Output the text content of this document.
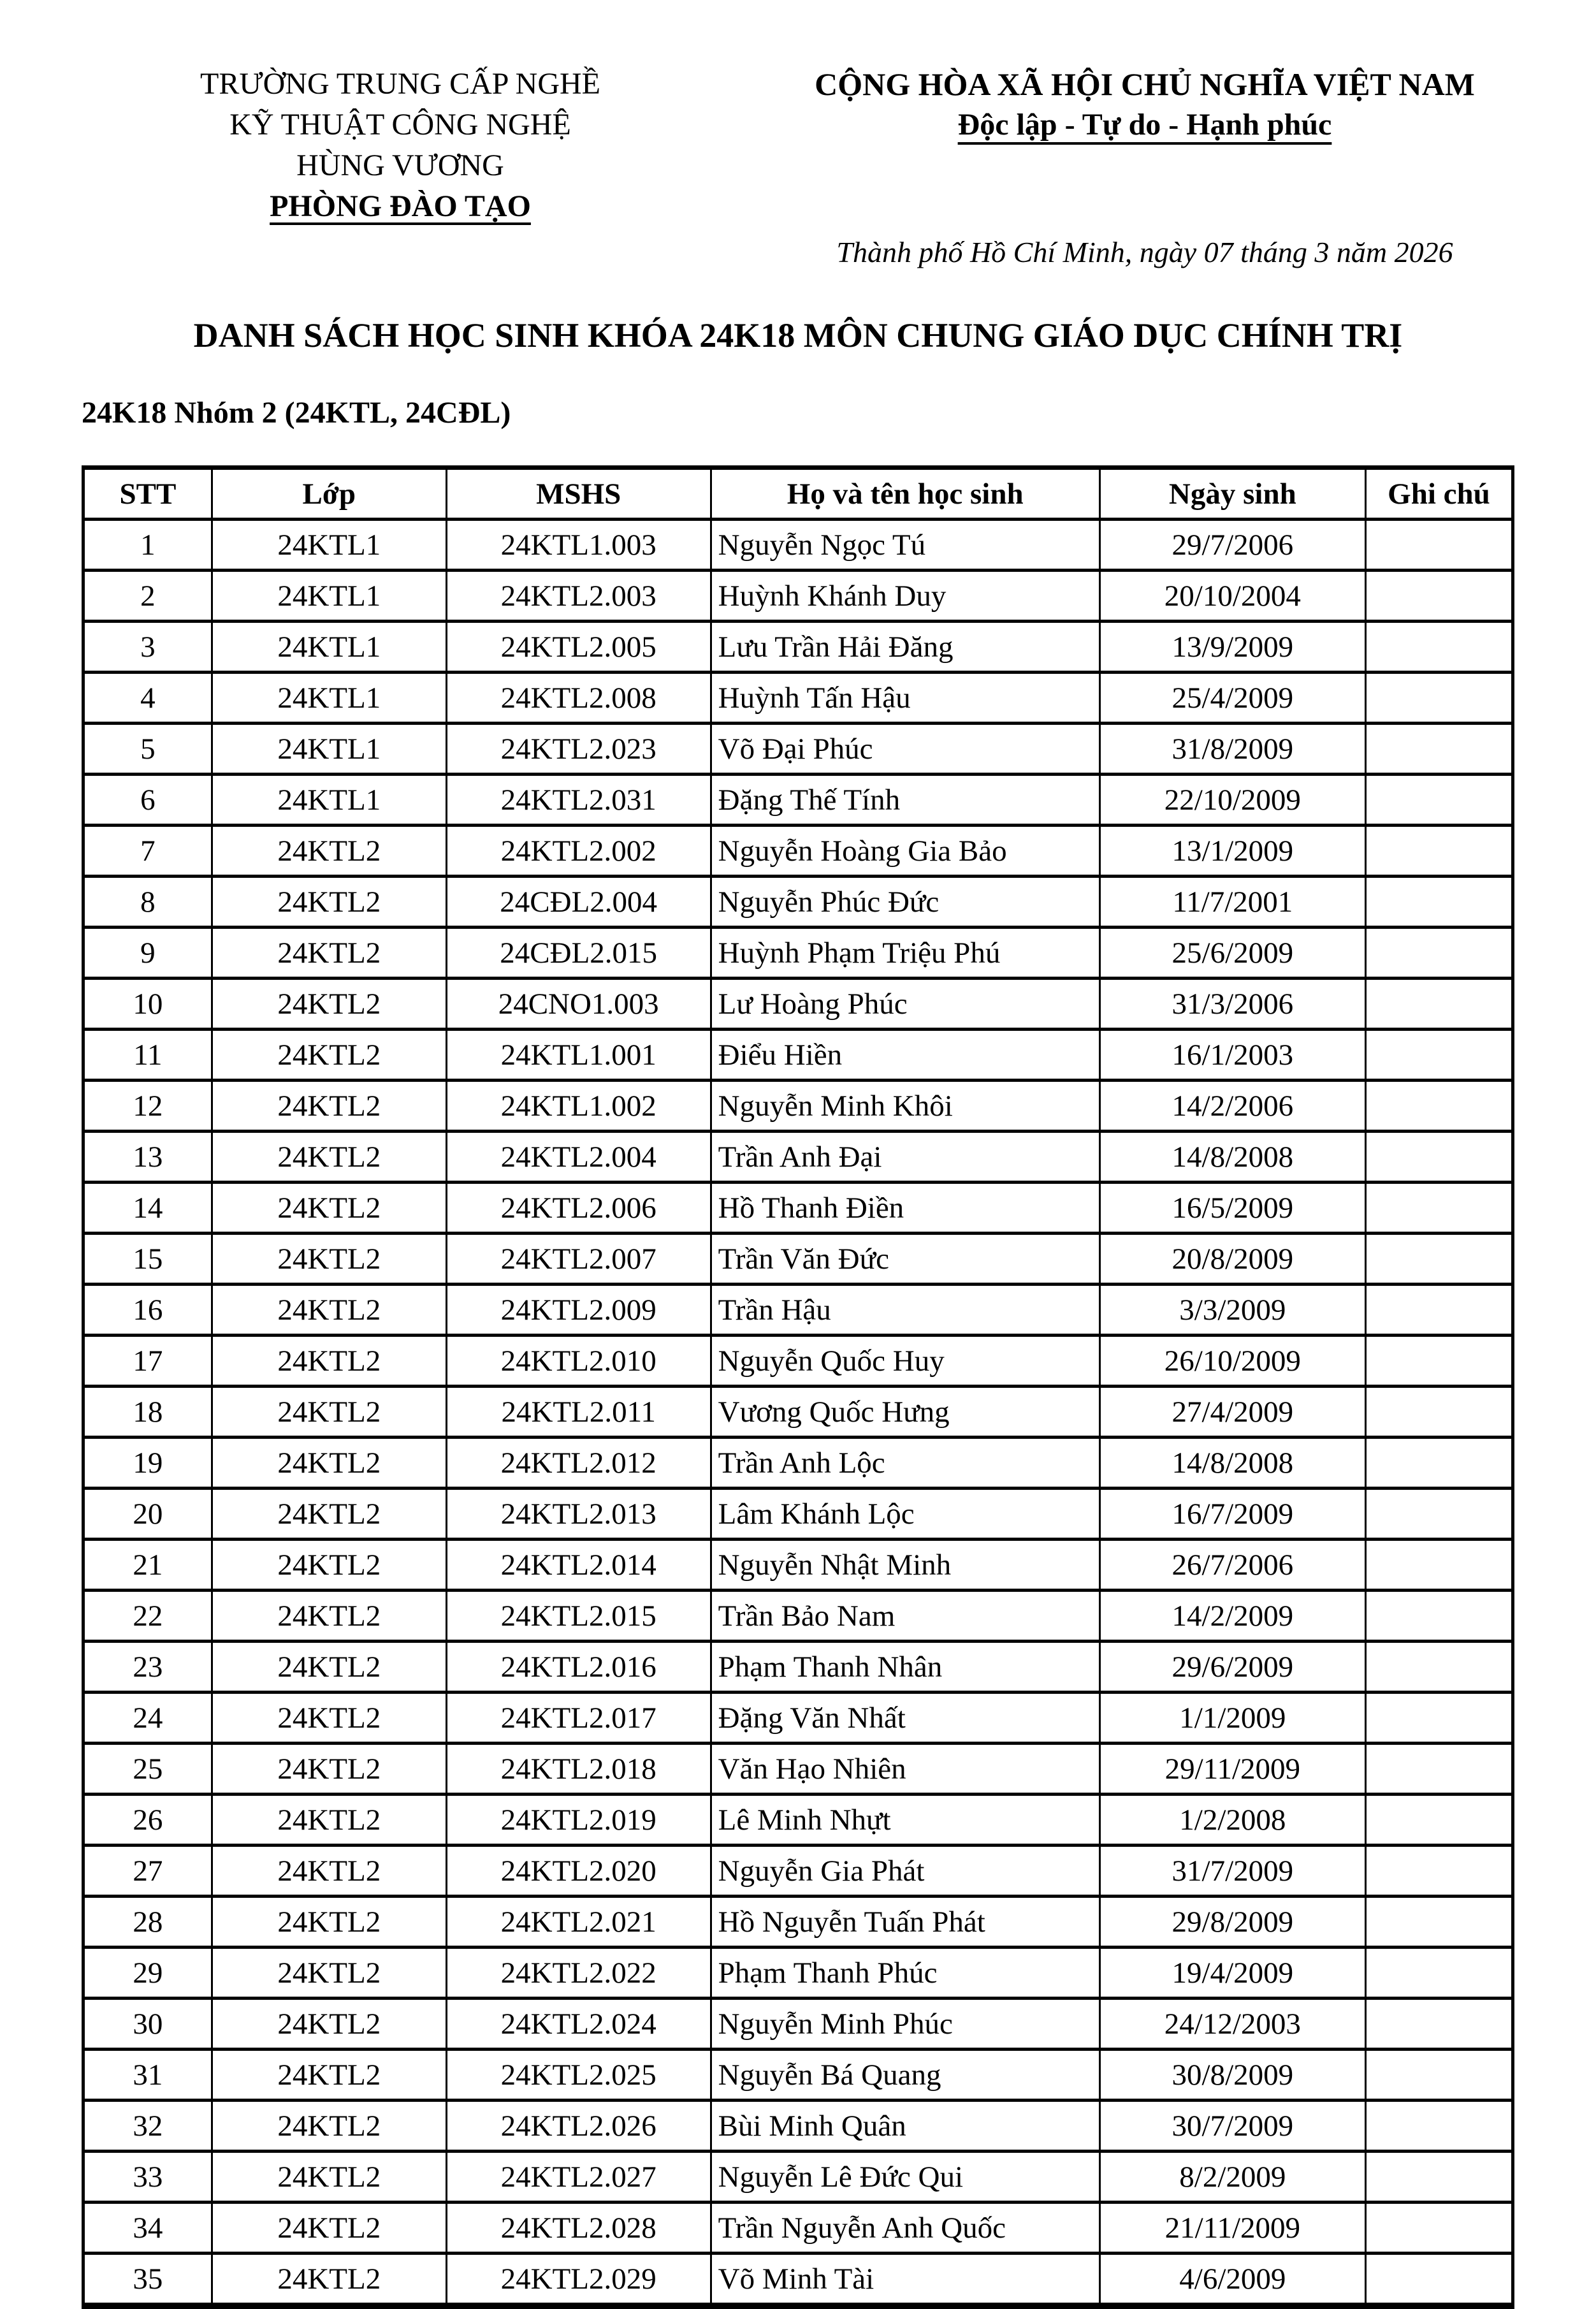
TRƯỜNG TRUNG CẤP NGHỀ
KỸ THUẬT CÔNG NGHỆ
HÙNG VƯƠNG
PHÒNG ĐÀO TẠO
CỘNG HÒA XÃ HỘI CHỦ NGHĨA VIỆT NAM
Độc lập - Tự do - Hạnh phúc
Thành phố Hồ Chí Minh, ngày 07 tháng 3 năm 2026
DANH SÁCH HỌC SINH KHÓA 24K18 MÔN CHUNG GIÁO DỤC CHÍNH TRỊ
24K18 Nhóm 2 (24KTL, 24CĐL)
STT	Lớp	MSHS	Họ và tên học sinh	Ngày sinh	Ghi chú
1	24KTL1	24KTL1.003	Nguyễn Ngọc Tú	29/7/2006	
2	24KTL1	24KTL2.003	Huỳnh Khánh Duy	20/10/2004	
3	24KTL1	24KTL2.005	Lưu Trần Hải Đăng	13/9/2009	
4	24KTL1	24KTL2.008	Huỳnh Tấn Hậu	25/4/2009	
5	24KTL1	24KTL2.023	Võ Đại Phúc	31/8/2009	
6	24KTL1	24KTL2.031	Đặng Thế Tính	22/10/2009	
7	24KTL2	24KTL2.002	Nguyễn Hoàng Gia Bảo	13/1/2009	
8	24KTL2	24CĐL2.004	Nguyễn Phúc Đức	11/7/2001	
9	24KTL2	24CĐL2.015	Huỳnh Phạm Triệu Phú	25/6/2009	
10	24KTL2	24CNO1.003	Lư Hoàng Phúc	31/3/2006	
11	24KTL2	24KTL1.001	Điểu Hiền	16/1/2003	
12	24KTL2	24KTL1.002	Nguyễn Minh Khôi	14/2/2006	
13	24KTL2	24KTL2.004	Trần Anh Đại	14/8/2008	
14	24KTL2	24KTL2.006	Hồ Thanh Điền	16/5/2009	
15	24KTL2	24KTL2.007	Trần Văn Đức	20/8/2009	
16	24KTL2	24KTL2.009	Trần Hậu	3/3/2009	
17	24KTL2	24KTL2.010	Nguyễn Quốc Huy	26/10/2009	
18	24KTL2	24KTL2.011	Vương Quốc Hưng	27/4/2009	
19	24KTL2	24KTL2.012	Trần Anh Lộc	14/8/2008	
20	24KTL2	24KTL2.013	Lâm Khánh Lộc	16/7/2009	
21	24KTL2	24KTL2.014	Nguyễn Nhật Minh	26/7/2006	
22	24KTL2	24KTL2.015	Trần Bảo Nam	14/2/2009	
23	24KTL2	24KTL2.016	Phạm Thanh Nhân	29/6/2009	
24	24KTL2	24KTL2.017	Đặng Văn Nhất	1/1/2009	
25	24KTL2	24KTL2.018	Văn Hạo Nhiên	29/11/2009	
26	24KTL2	24KTL2.019	Lê Minh Nhựt	1/2/2008	
27	24KTL2	24KTL2.020	Nguyễn Gia Phát	31/7/2009	
28	24KTL2	24KTL2.021	Hồ Nguyễn Tuấn Phát	29/8/2009	
29	24KTL2	24KTL2.022	Phạm Thanh Phúc	19/4/2009	
30	24KTL2	24KTL2.024	Nguyễn Minh Phúc	24/12/2003	
31	24KTL2	24KTL2.025	Nguyễn Bá Quang	30/8/2009	
32	24KTL2	24KTL2.026	Bùi Minh Quân	30/7/2009	
33	24KTL2	24KTL2.027	Nguyễn Lê Đức Qui	8/2/2009	
34	24KTL2	24KTL2.028	Trần Nguyễn Anh Quốc	21/11/2009	
35	24KTL2	24KTL2.029	Võ Minh Tài	4/6/2009	
